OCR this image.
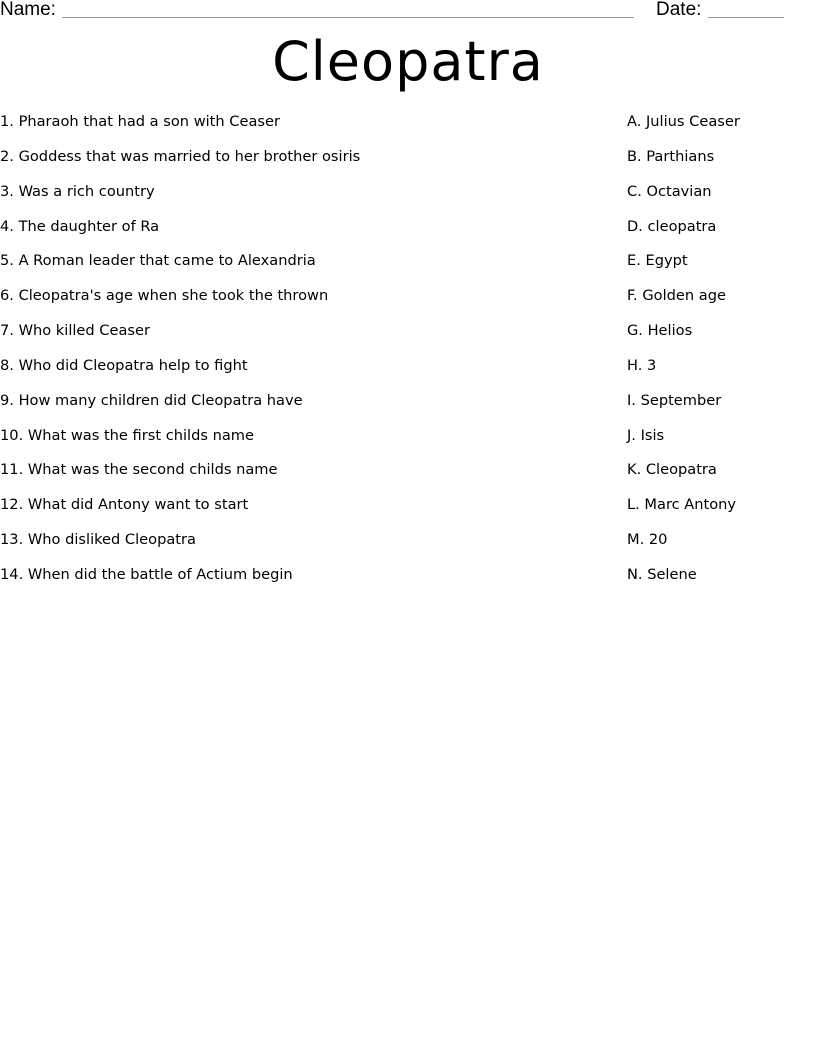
Name:	Date:
Cleopatra
1. Pharaoh that had a son with Ceaser
2. Goddess that was married to her brother osiris
3. Was a rich country
4. The daughter of Ra
5. A Roman leader that came to Alexandria
6. Cleopatra's age when she took the thrown
7. Who killed Ceaser
8. Who did Cleopatra help to fight
9. How many children did Cleopatra have
10. What was the first childs name
11. What was the second childs name
12. What did Antony want to start
13. Who disliked Cleopatra
14. When did the battle of Actium begin
A. Julius Ceaser
B. Parthians
C. Octavian
D. cleopatra
E. Egypt
F. Golden age
G. Helios
H. 3
I. September
J. Isis
K. Cleopatra
L. Marc Antony
M. 20
N. Selene
